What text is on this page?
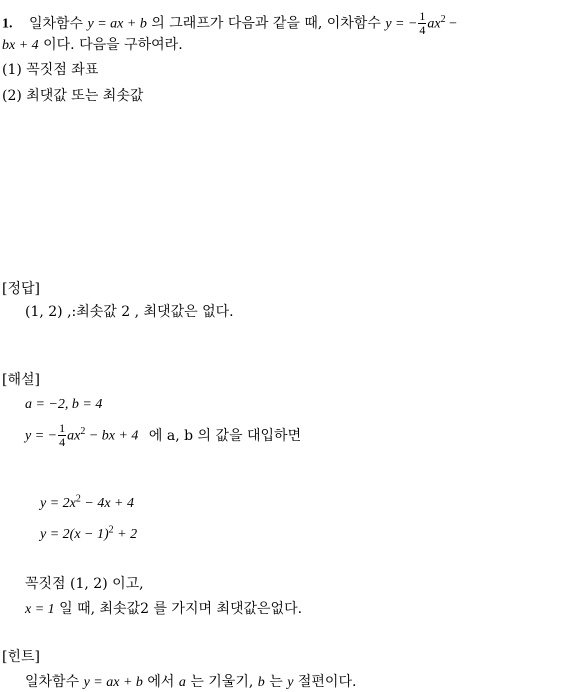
1. 일차함수 y = ax + b 의 그래프가 다음과 같을 때, 이차함수 y = − $\frac{1}{4} ax^2$ −
bx + 4 이다. 다음을 구하여라.
(1) 꼭짓점 좌표
(2) 최댓값 또는 최솟값
[정답]
(1, 2) ,:최솟값 2 , 최댓값은 없다.
[해설]
a = −2, b = 4
y = − $\frac{1}{4} ax^2$ − bx + 4 에 a, b 의 값을 대입하면
$y = 2x^2 - 4x + 4$
$y = 2(x - 1)^2 + 2$
꼭짓점 (1, 2) 이고,
x = 1 일 때, 최솟값2 를 가지며 최댓값은없다.
[힌트]
일차함수 y = ax + b 에서 a 는 기울기, b 는 y 절편이다.
